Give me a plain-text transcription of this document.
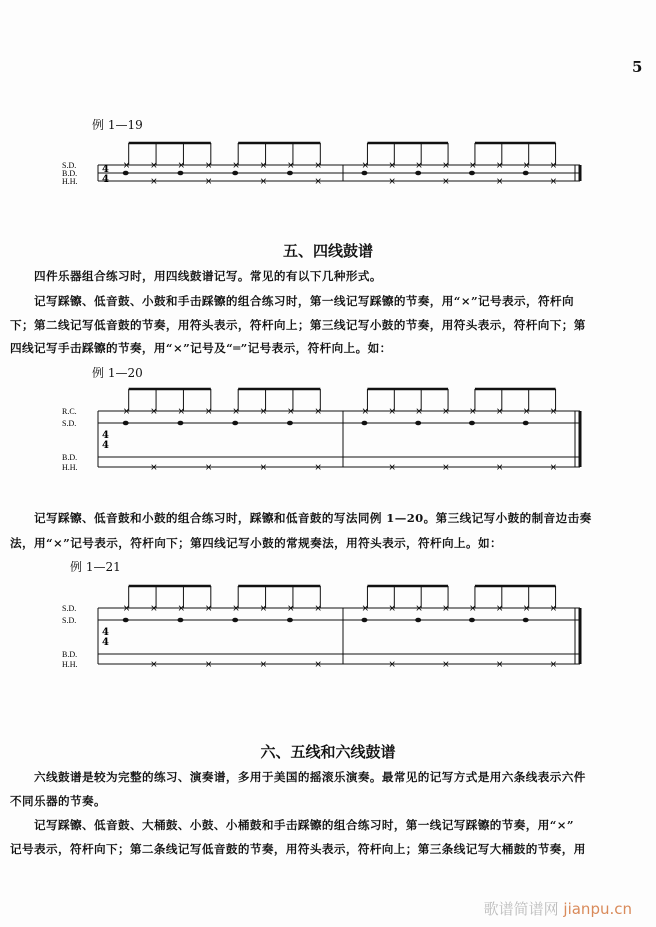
5
例 1—19
S.D.
B.D.
H.H.
4
4
× × × ×
×	×
× × × ×
×	×
× × × ×
×	×
× × × ×
×	×
五、四线鼓谱
四件乐器组合练习时，用四线鼓谱记写。常见的有以下几种形式。
记写踩镲、低音鼓、小鼓和手击踩镲的组合练习时，第一线记写踩镲的节奏，用“×”记号表示，符杆向
下；第二线记写低音鼓的节奏，用符头表示，符杆向上；第三线记写小鼓的节奏，用符头表示，符杆向下；第
四线记写手击踩镲的节奏，用“×”记号及“═”记号表示，符杆向上。如：
例 1—20
R.C.
S.D.
B.D.
H.H.
4
4
× × × ×
×	×
× × × ×
×	×
× × × ×
×	×
× × × ×
×	×
记写踩镲、低音鼓和小鼓的组合练习时，踩镲和低音鼓的写法同例 1—20。第三线记写小鼓的制音边击奏
法，用“×”记号表示，符杆向下；第四线记写小鼓的常规奏法，用符头表示，符杆向上。如：
例 1—21
S.D.
S.D.
B.D.
H.H.
4
4
× × × ×
×	×
× × × ×
×	×
× × × ×
×	×
× × × ×
×	×
六、五线和六线鼓谱
六线鼓谱是较为完整的练习、演奏谱，多用于美国的摇滚乐演奏。最常见的记写方式是用六条线表示六件
不同乐器的节奏。
记写踩镲、低音鼓、大桶鼓、小鼓、小桶鼓和手击踩镲的组合练习时，第一线记写踩镲的节奏，用“×”
记号表示，符杆向下；第二条线记写低音鼓的节奏，用符头表示，符杆向上；第三条线记写大桶鼓的节奏，用
歌谱简谱网 jianpu.cn
